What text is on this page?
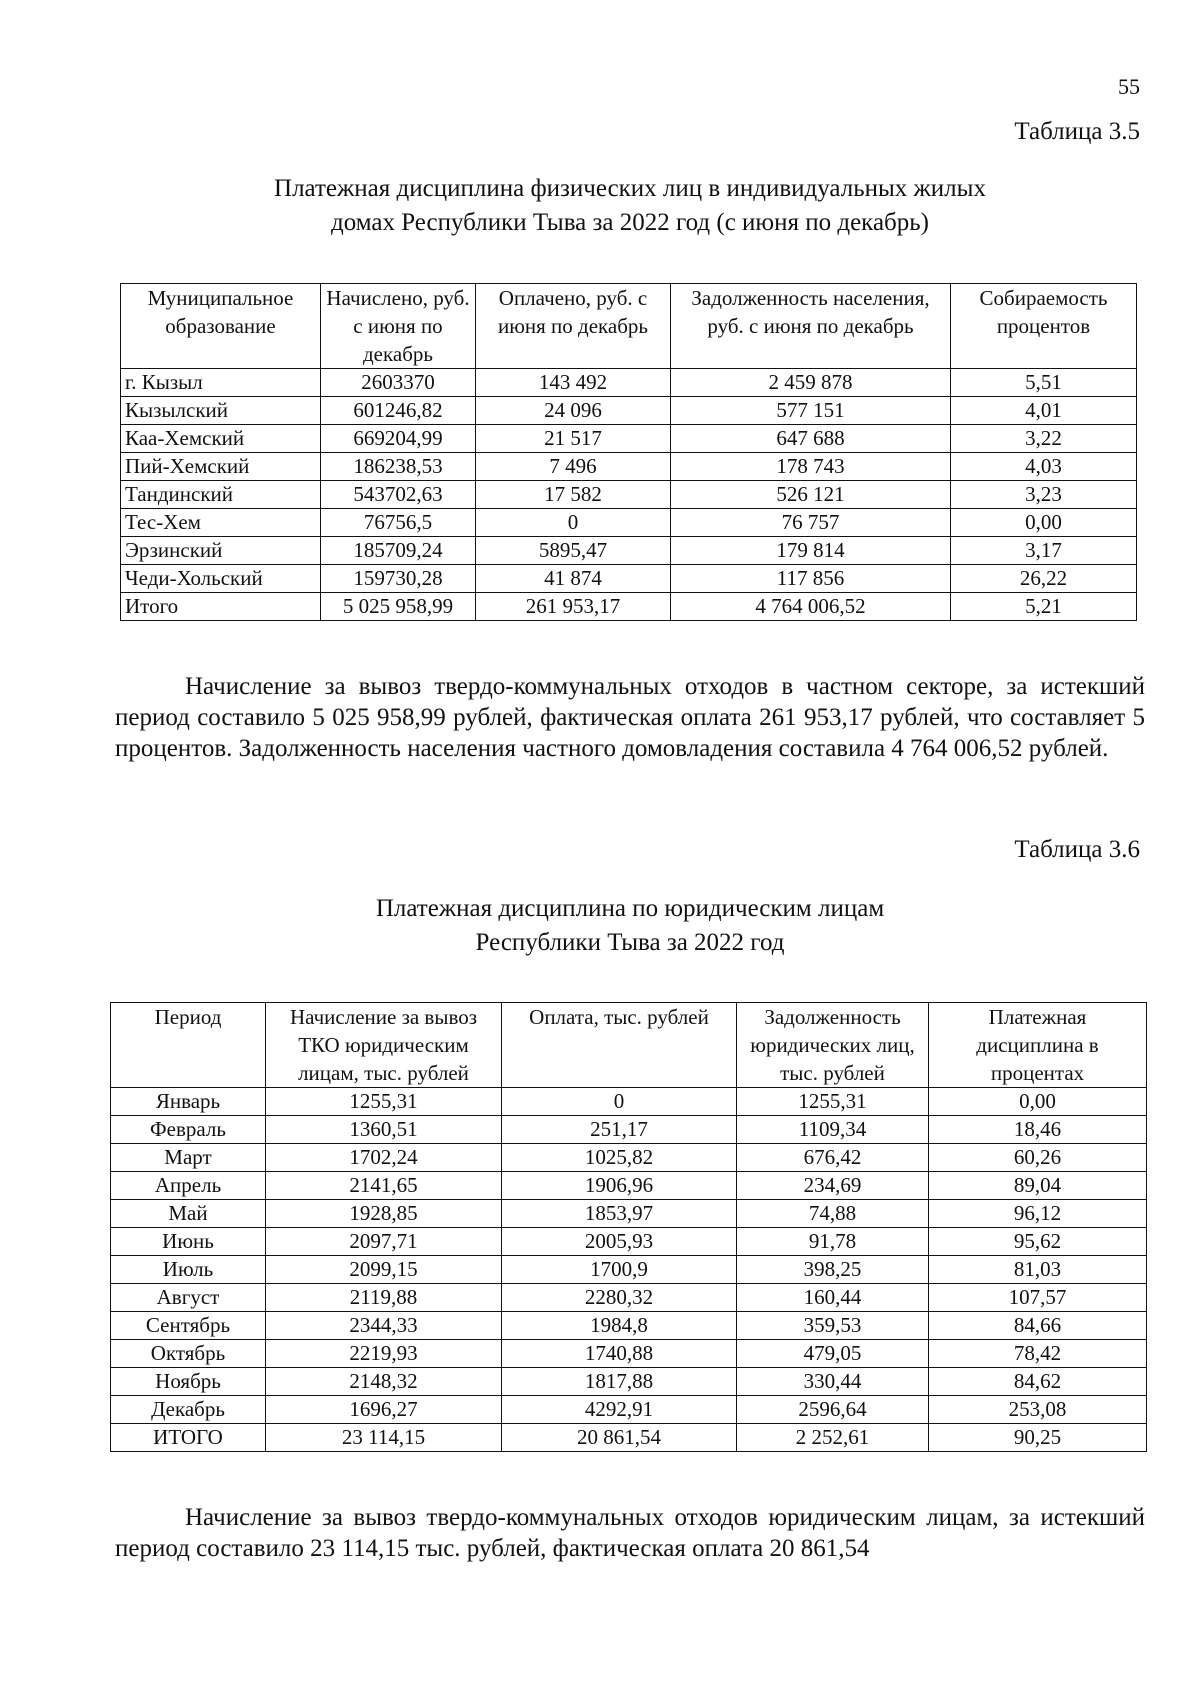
55
Таблица 3.5
Платежная дисциплина физических лиц в индивидуальных жилых
домах Республики Тыва за 2022 год (с июня по декабрь)
Муниципальное образование	Начислено, руб. с июня по декабрь	Оплачено, руб. с июня по декабрь	Задолженность населения, руб. с июня по декабрь	Собираемость процентов
г. Кызыл	2603370	143 492	2 459 878	5,51
Кызылский	601246,82	24 096	577 151	4,01
Каа-Хемский	669204,99	21 517	647 688	3,22
Пий-Хемский	186238,53	7 496	178 743	4,03
Тандинский	543702,63	17 582	526 121	3,23
Тес-Хем	76756,5	0	76 757	0,00
Эрзинский	185709,24	5895,47	179 814	3,17
Чеди-Хольский	159730,28	41 874	117 856	26,22
Итого	5 025 958,99	261 953,17	4 764 006,52	5,21
Начисление за вывоз твердо-коммунальных отходов в частном секторе, за истекший период составило 5 025 958,99 рублей, фактическая оплата 261 953,17 рублей, что составляет 5 процентов. Задолженность населения частного домовладения составила 4 764 006,52 рублей.
Таблица 3.6
Платежная дисциплина по юридическим лицам
Республики Тыва за 2022 год
Период	Начисление за вывоз ТКО юридическим лицам, тыс. рублей	Оплата, тыс. рублей	Задолженность юридических лиц, тыс. рублей	Платежная дисциплина в процентах
Январь	1255,31	0	1255,31	0,00
Февраль	1360,51	251,17	1109,34	18,46
Март	1702,24	1025,82	676,42	60,26
Апрель	2141,65	1906,96	234,69	89,04
Май	1928,85	1853,97	74,88	96,12
Июнь	2097,71	2005,93	91,78	95,62
Июль	2099,15	1700,9	398,25	81,03
Август	2119,88	2280,32	160,44	107,57
Сентябрь	2344,33	1984,8	359,53	84,66
Октябрь	2219,93	1740,88	479,05	78,42
Ноябрь	2148,32	1817,88	330,44	84,62
Декабрь	1696,27	4292,91	2596,64	253,08
ИТОГО	23 114,15	20 861,54	2 252,61	90,25
Начисление за вывоз твердо-коммунальных отходов юридическим лицам, за истекший период составило 23 114,15 тыс. рублей, фактическая оплата 20 861,54
